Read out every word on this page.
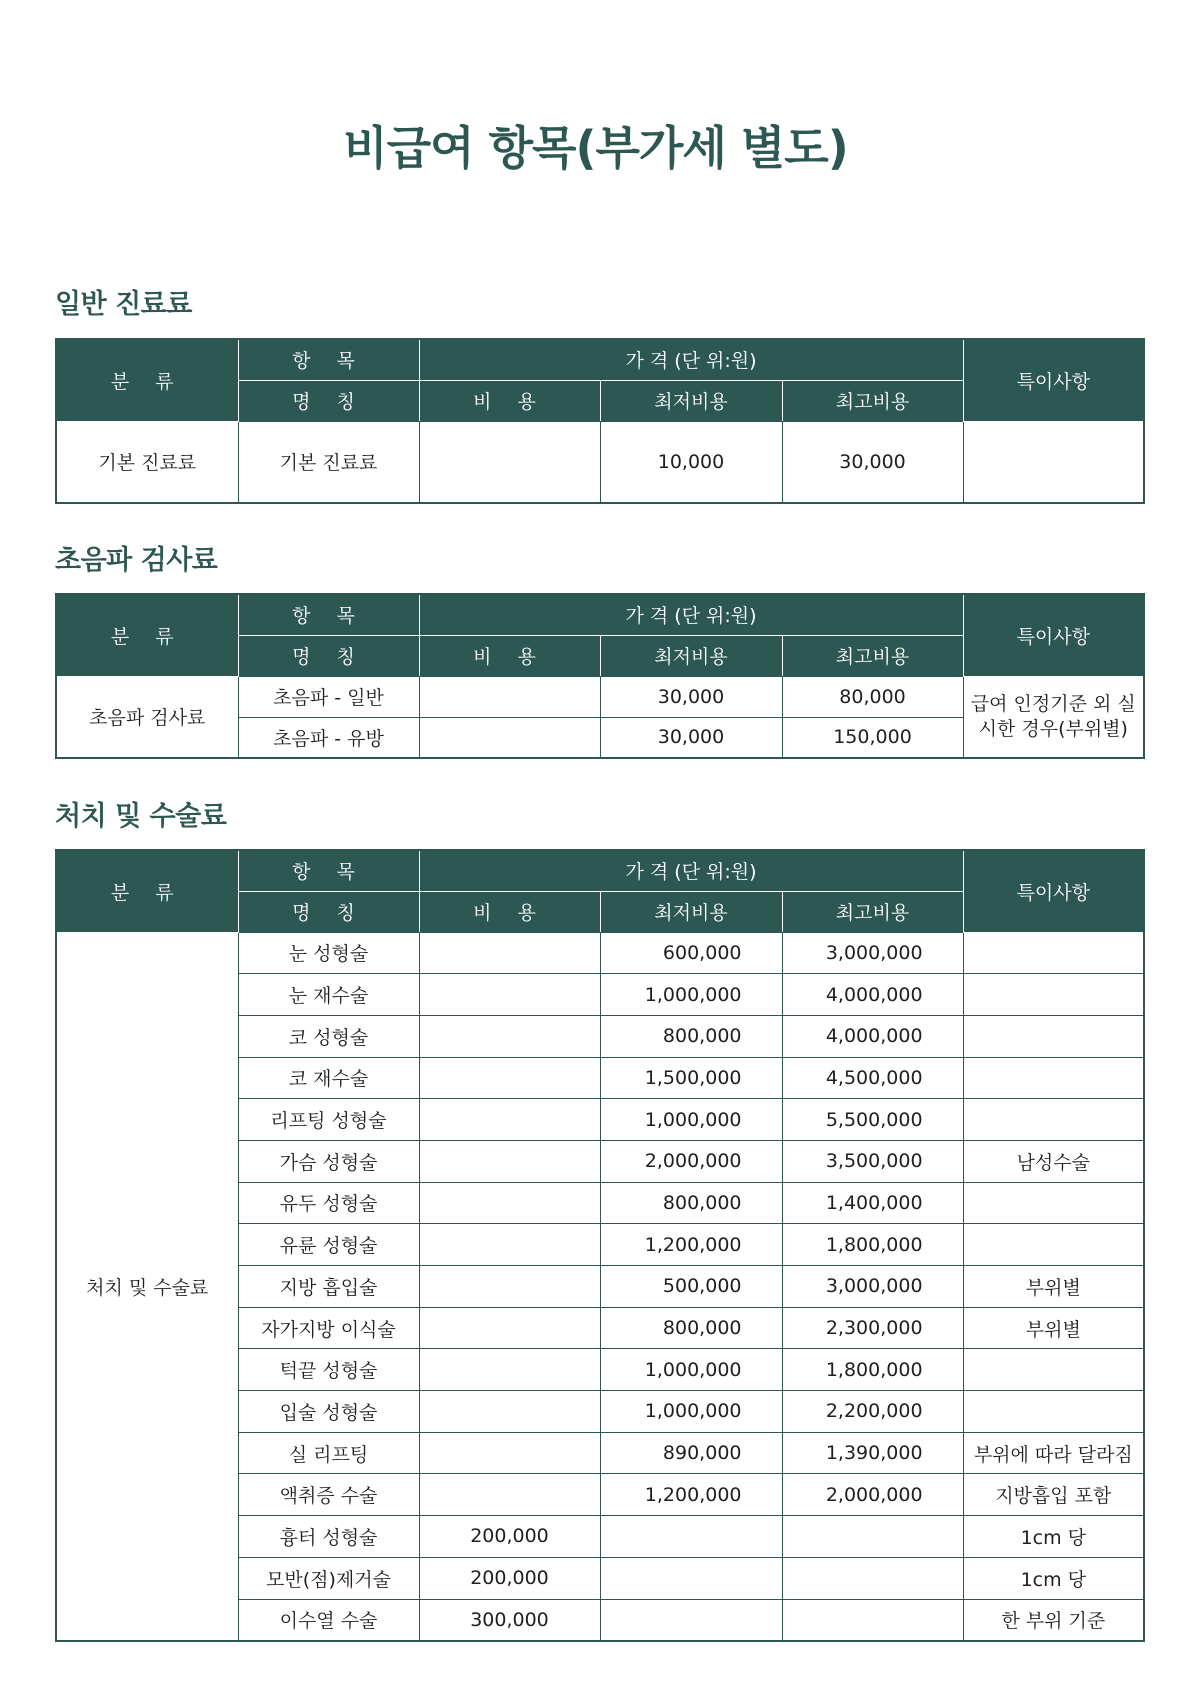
비급여 항목(부가세 별도)
일반 진료료
분 류	항 목	가 격 (단 위:원)			특이사항
	명 칭	비 용	최저비용	최고비용	
기본 진료료	기본 진료료		10,000	30,000	
초음파 검사료
분 류	항 목	가 격 (단 위:원)			특이사항
	명 칭	비 용	최저비용	최고비용	
초음파 검사료	초음파 - 일반		30,000	80,000	급여 인정기준 외 실시한 경우(부위별)
	초음파 - 유방		30,000	150,000	
처치 및 수술료
분 류	항 목	가 격 (단 위:원)			특이사항
	명 칭	비 용	최저비용	최고비용	
처치 및 수술료	눈 성형술		600,000	3,000,000	
	눈 재수술		1,000,000	4,000,000	
	코 성형술		800,000	4,000,000	
	코 재수술		1,500,000	4,500,000	
	리프팅 성형술		1,000,000	5,500,000	
	가슴 성형술		2,000,000	3,500,000	남성수술
	유두 성형술		800,000	1,400,000	
	유륜 성형술		1,200,000	1,800,000	
	지방 흡입술		500,000	3,000,000	부위별
	자가지방 이식술		800,000	2,300,000	부위별
	턱끝 성형술		1,000,000	1,800,000	
	입술 성형술		1,000,000	2,200,000	
	실 리프팅		890,000	1,390,000	부위에 따라 달라짐
	액취증 수술		1,200,000	2,000,000	지방흡입 포함
	흉터 성형술	200,000			1cm 당
	모반(점)제거술	200,000			1cm 당
	이수열 수술	300,000			한 부위 기준
